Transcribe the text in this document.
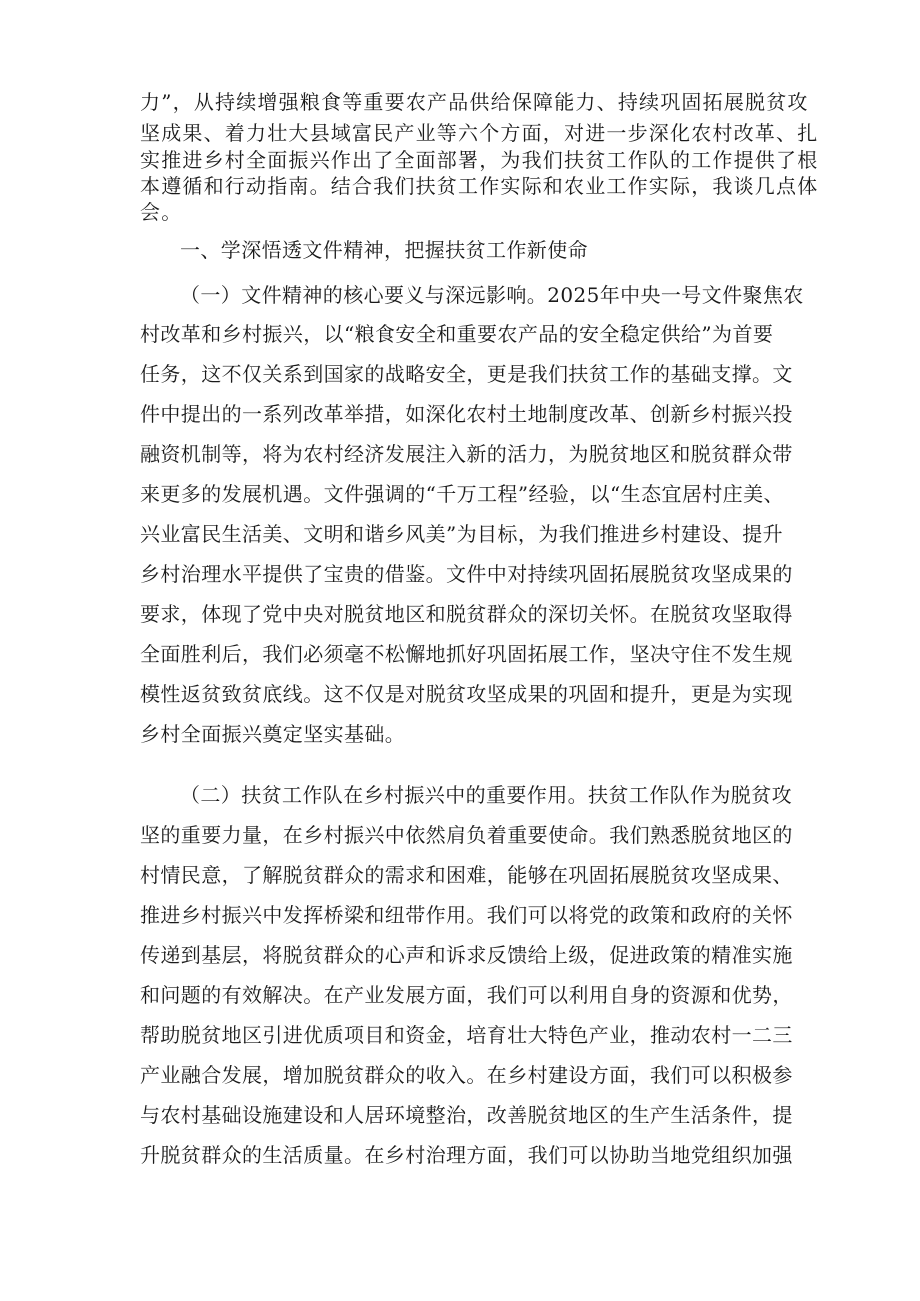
力”，从持续增强粮食等重要农产品供给保障能力、持续巩固拓展脱贫攻
坚成果、着力壮大县域富民产业等六个方面，对进一步深化农村改革、扎
实推进乡村全面振兴作出了全面部署，为我们扶贫工作队的工作提供了根
本遵循和行动指南。结合我们扶贫工作实际和农业工作实际，我谈几点体
会。
一、学深悟透文件精神，把握扶贫工作新使命
（一）文件精神的核心要义与深远影响。2025年中央一号文件聚焦农
村改革和乡村振兴，以“粮食安全和重要农产品的安全稳定供给”为首要
任务，这不仅关系到国家的战略安全，更是我们扶贫工作的基础支撑。文
件中提出的一系列改革举措，如深化农村土地制度改革、创新乡村振兴投
融资机制等，将为农村经济发展注入新的活力，为脱贫地区和脱贫群众带
来更多的发展机遇。文件强调的“千万工程”经验，以“生态宜居村庄美、
兴业富民生活美、文明和谐乡风美”为目标，为我们推进乡村建设、提升
乡村治理水平提供了宝贵的借鉴。文件中对持续巩固拓展脱贫攻坚成果的
要求，体现了党中央对脱贫地区和脱贫群众的深切关怀。在脱贫攻坚取得
全面胜利后，我们必须毫不松懈地抓好巩固拓展工作，坚决守住不发生规
模性返贫致贫底线。这不仅是对脱贫攻坚成果的巩固和提升，更是为实现
乡村全面振兴奠定坚实基础。
（二）扶贫工作队在乡村振兴中的重要作用。扶贫工作队作为脱贫攻
坚的重要力量，在乡村振兴中依然肩负着重要使命。我们熟悉脱贫地区的
村情民意，了解脱贫群众的需求和困难，能够在巩固拓展脱贫攻坚成果、
推进乡村振兴中发挥桥梁和纽带作用。我们可以将党的政策和政府的关怀
传递到基层，将脱贫群众的心声和诉求反馈给上级，促进政策的精准实施
和问题的有效解决。在产业发展方面，我们可以利用自身的资源和优势，
帮助脱贫地区引进优质项目和资金，培育壮大特色产业，推动农村一二三
产业融合发展，增加脱贫群众的收入。在乡村建设方面，我们可以积极参
与农村基础设施建设和人居环境整治，改善脱贫地区的生产生活条件，提
升脱贫群众的生活质量。在乡村治理方面，我们可以协助当地党组织加强
